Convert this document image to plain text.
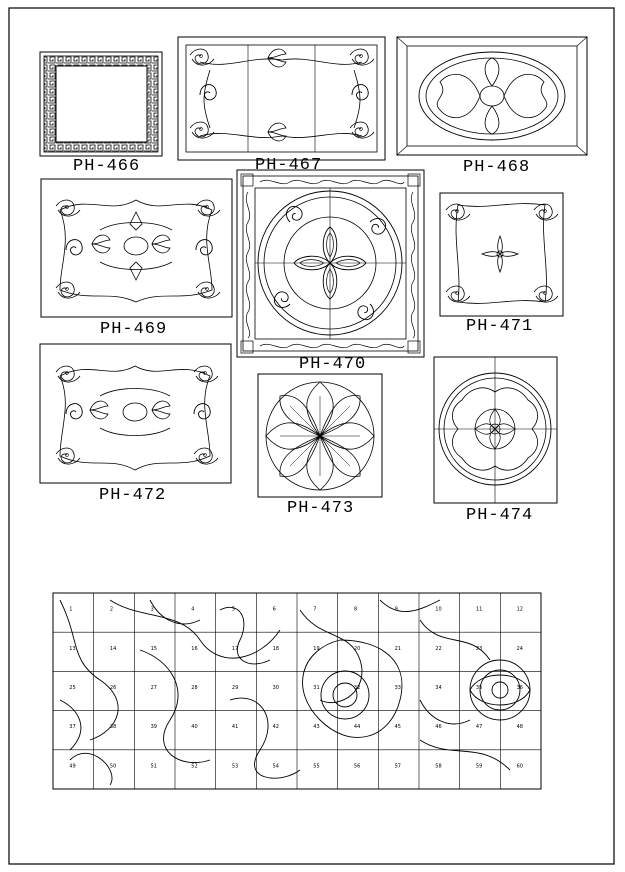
1	2	3	4	5	6	7	8	9	10	11	12
13	14	15	16	17	18	19	20	21	22	23	24
25	26	27	28	29	30	31	32	33	34	35	36
37	38	39	40	41	42	43	44	45	46	47	48
49	50	51	52	53	54	55	56	57	58	59	60
PH-466	PH-467	PH-468
PH-469
PH-470
PH-471
PH-472
PH-473	PH-474
